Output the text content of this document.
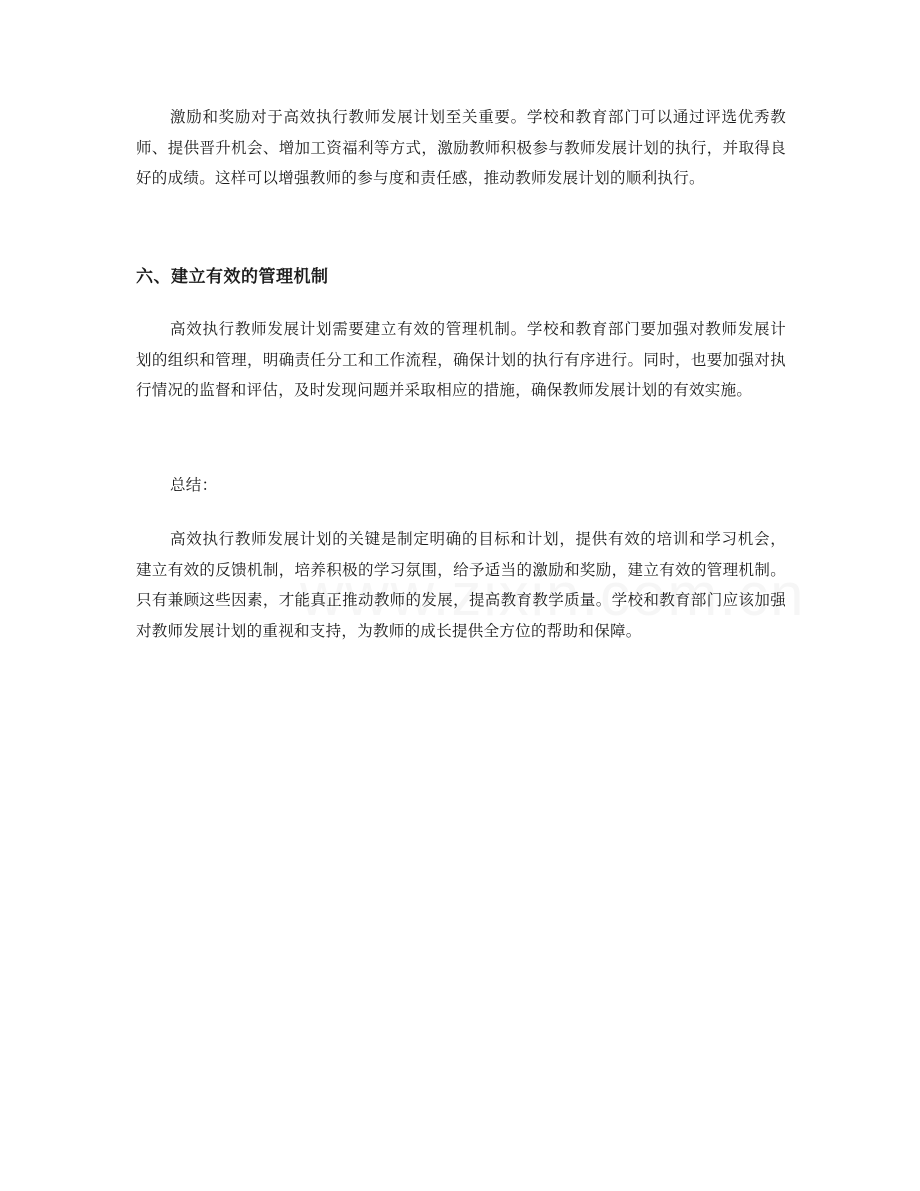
激励和奖励对于高效执行教师发展计划至关重要。学校和教育部门可以通过评选优秀教师、提供晋升机会、增加工资福利等方式，激励教师积极参与教师发展计划的执行，并取得良好的成绩。这样可以增强教师的参与度和责任感，推动教师发展计划的顺利执行。

六、建立有效的管理机制

高效执行教师发展计划需要建立有效的管理机制。学校和教育部门要加强对教师发展计划的组织和管理，明确责任分工和工作流程，确保计划的执行有序进行。同时，也要加强对执行情况的监督和评估，及时发现问题并采取相应的措施，确保教师发展计划的有效实施。

总结：

高效执行教师发展计划的关键是制定明确的目标和计划，提供有效的培训和学习机会，建立有效的反馈机制，培养积极的学习氛围，给予适当的激励和奖励，建立有效的管理机制。只有兼顾这些因素，才能真正推动教师的发展，提高教育教学质量。学校和教育部门应该加强对教师发展计划的重视和支持，为教师的成长提供全方位的帮助和保障。
